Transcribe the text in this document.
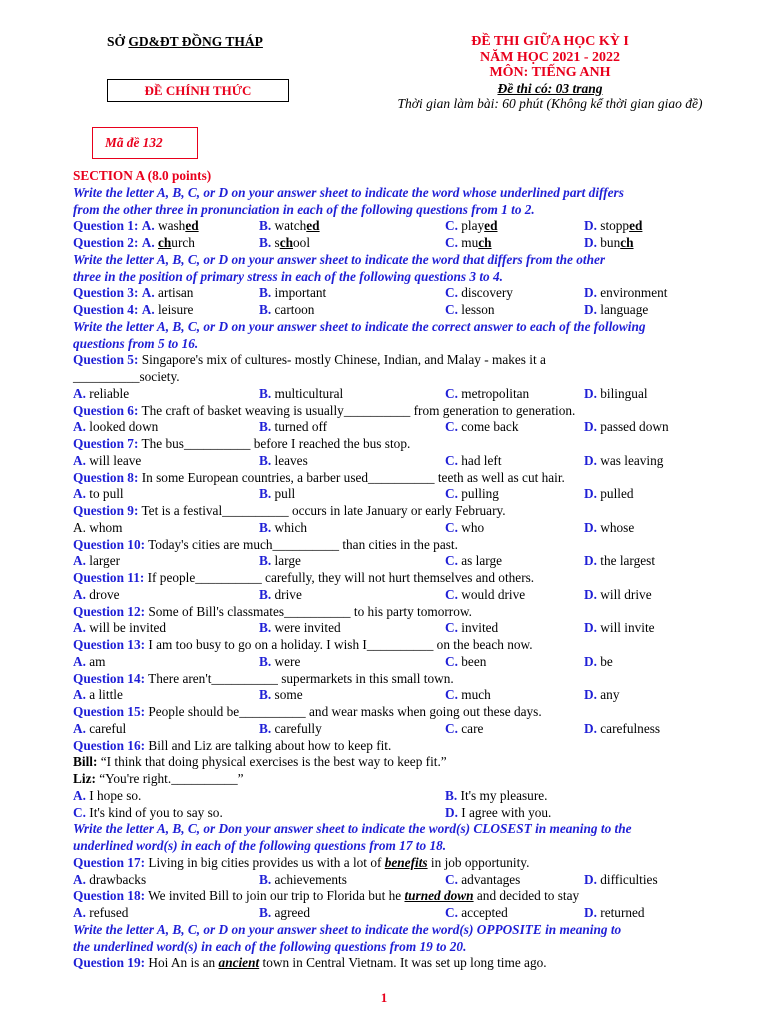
SỞ GD&ĐT ĐỒNG THÁP	ĐỀ THI GIỮA HỌC KỲ I
NĂM HỌC 2021 - 2022
MÔN: TIẾNG ANH
Đề thi có: 03 trang
Thời gian làm bài: 60 phút (Không kể thời gian giao đề)
ĐỀ CHÍNH THỨC
Mã đề 132
SECTION A (8.0 points)
Write the letter A, B, C, or D on your answer sheet to indicate the word whose underlined part differs
from the other three in pronunciation in each of the following questions from 1 to 2.
Question 1: A. washed	B. watched	C. played	D. stopped
Question 2: A. church	B. school	C. much	D. bunch
Write the letter A, B, C, or D on your answer sheet to indicate the word that differs from the other
three in the position of primary stress in each of the following questions 3 to 4.
Question 3: A. artisan	B. important	C. discovery	D. environment
Question 4: A. leisure	B. cartoon	C. lesson	D. language
Write the letter A, B, C, or D on your answer sheet to indicate the correct answer to each of the following
questions from 5 to 16.
Question 5: Singapore's mix of cultures- mostly Chinese, Indian, and Malay - makes it a
__________society.
A. reliable	B. multicultural	C. metropolitan	D. bilingual
Question 6: The craft of basket weaving is usually__________ from generation to generation.
A. looked down	B. turned off	C. come back	D. passed down
Question 7: The bus__________ before I reached the bus stop.
A. will leave	B. leaves	C. had left	D. was leaving
Question 8: In some European countries, a barber used__________ teeth as well as cut hair.
A. to pull	B. pull	C. pulling	D. pulled
Question 9: Tet is a festival__________ occurs in late January or early February.
A. whom	B. which	C. who	D. whose
Question 10: Today's cities are much__________ than cities in the past.
A. larger	B. large	C. as large	D. the largest
Question 11: If people__________ carefully, they will not hurt themselves and others.
A. drove	B. drive	C. would drive	D. will drive
Question 12: Some of Bill's classmates__________ to his party tomorrow.
A. will be invited	B. were invited	C. invited	D. will invite
Question 13: I am too busy to go on a holiday. I wish I__________ on the beach now.
A. am	B. were	C. been	D. be
Question 14: There aren't__________ supermarkets in this small town.
A. a little	B. some	C. much	D. any
Question 15: People should be__________ and wear masks when going out these days.
A. careful	B. carefully	C. care	D. carefulness
Question 16: Bill and Liz are talking about how to keep fit.
Bill: “I think that doing physical exercises is the best way to keep fit.”
Liz: “You're right.__________”
A. I hope so.	B. It's my pleasure.
C. It's kind of you to say so.	D. I agree with you.
Write the letter A, B, C, or Don your answer sheet to indicate the word(s) CLOSEST in meaning to the
underlined word(s) in each of the following questions from 17 to 18.
Question 17: Living in big cities provides us with a lot of benefits in job opportunity.
A. drawbacks	B. achievements	C. advantages	D. difficulties
Question 18: We invited Bill to join our trip to Florida but he turned down and decided to stay
A. refused	B. agreed	C. accepted	D. returned
Write the letter A, B, C, or D on your answer sheet to indicate the word(s) OPPOSITE in meaning to
the underlined word(s) in each of the following questions from 19 to 20.
Question 19: Hoi An is an ancient town in Central Vietnam. It was set up long time ago.
1
